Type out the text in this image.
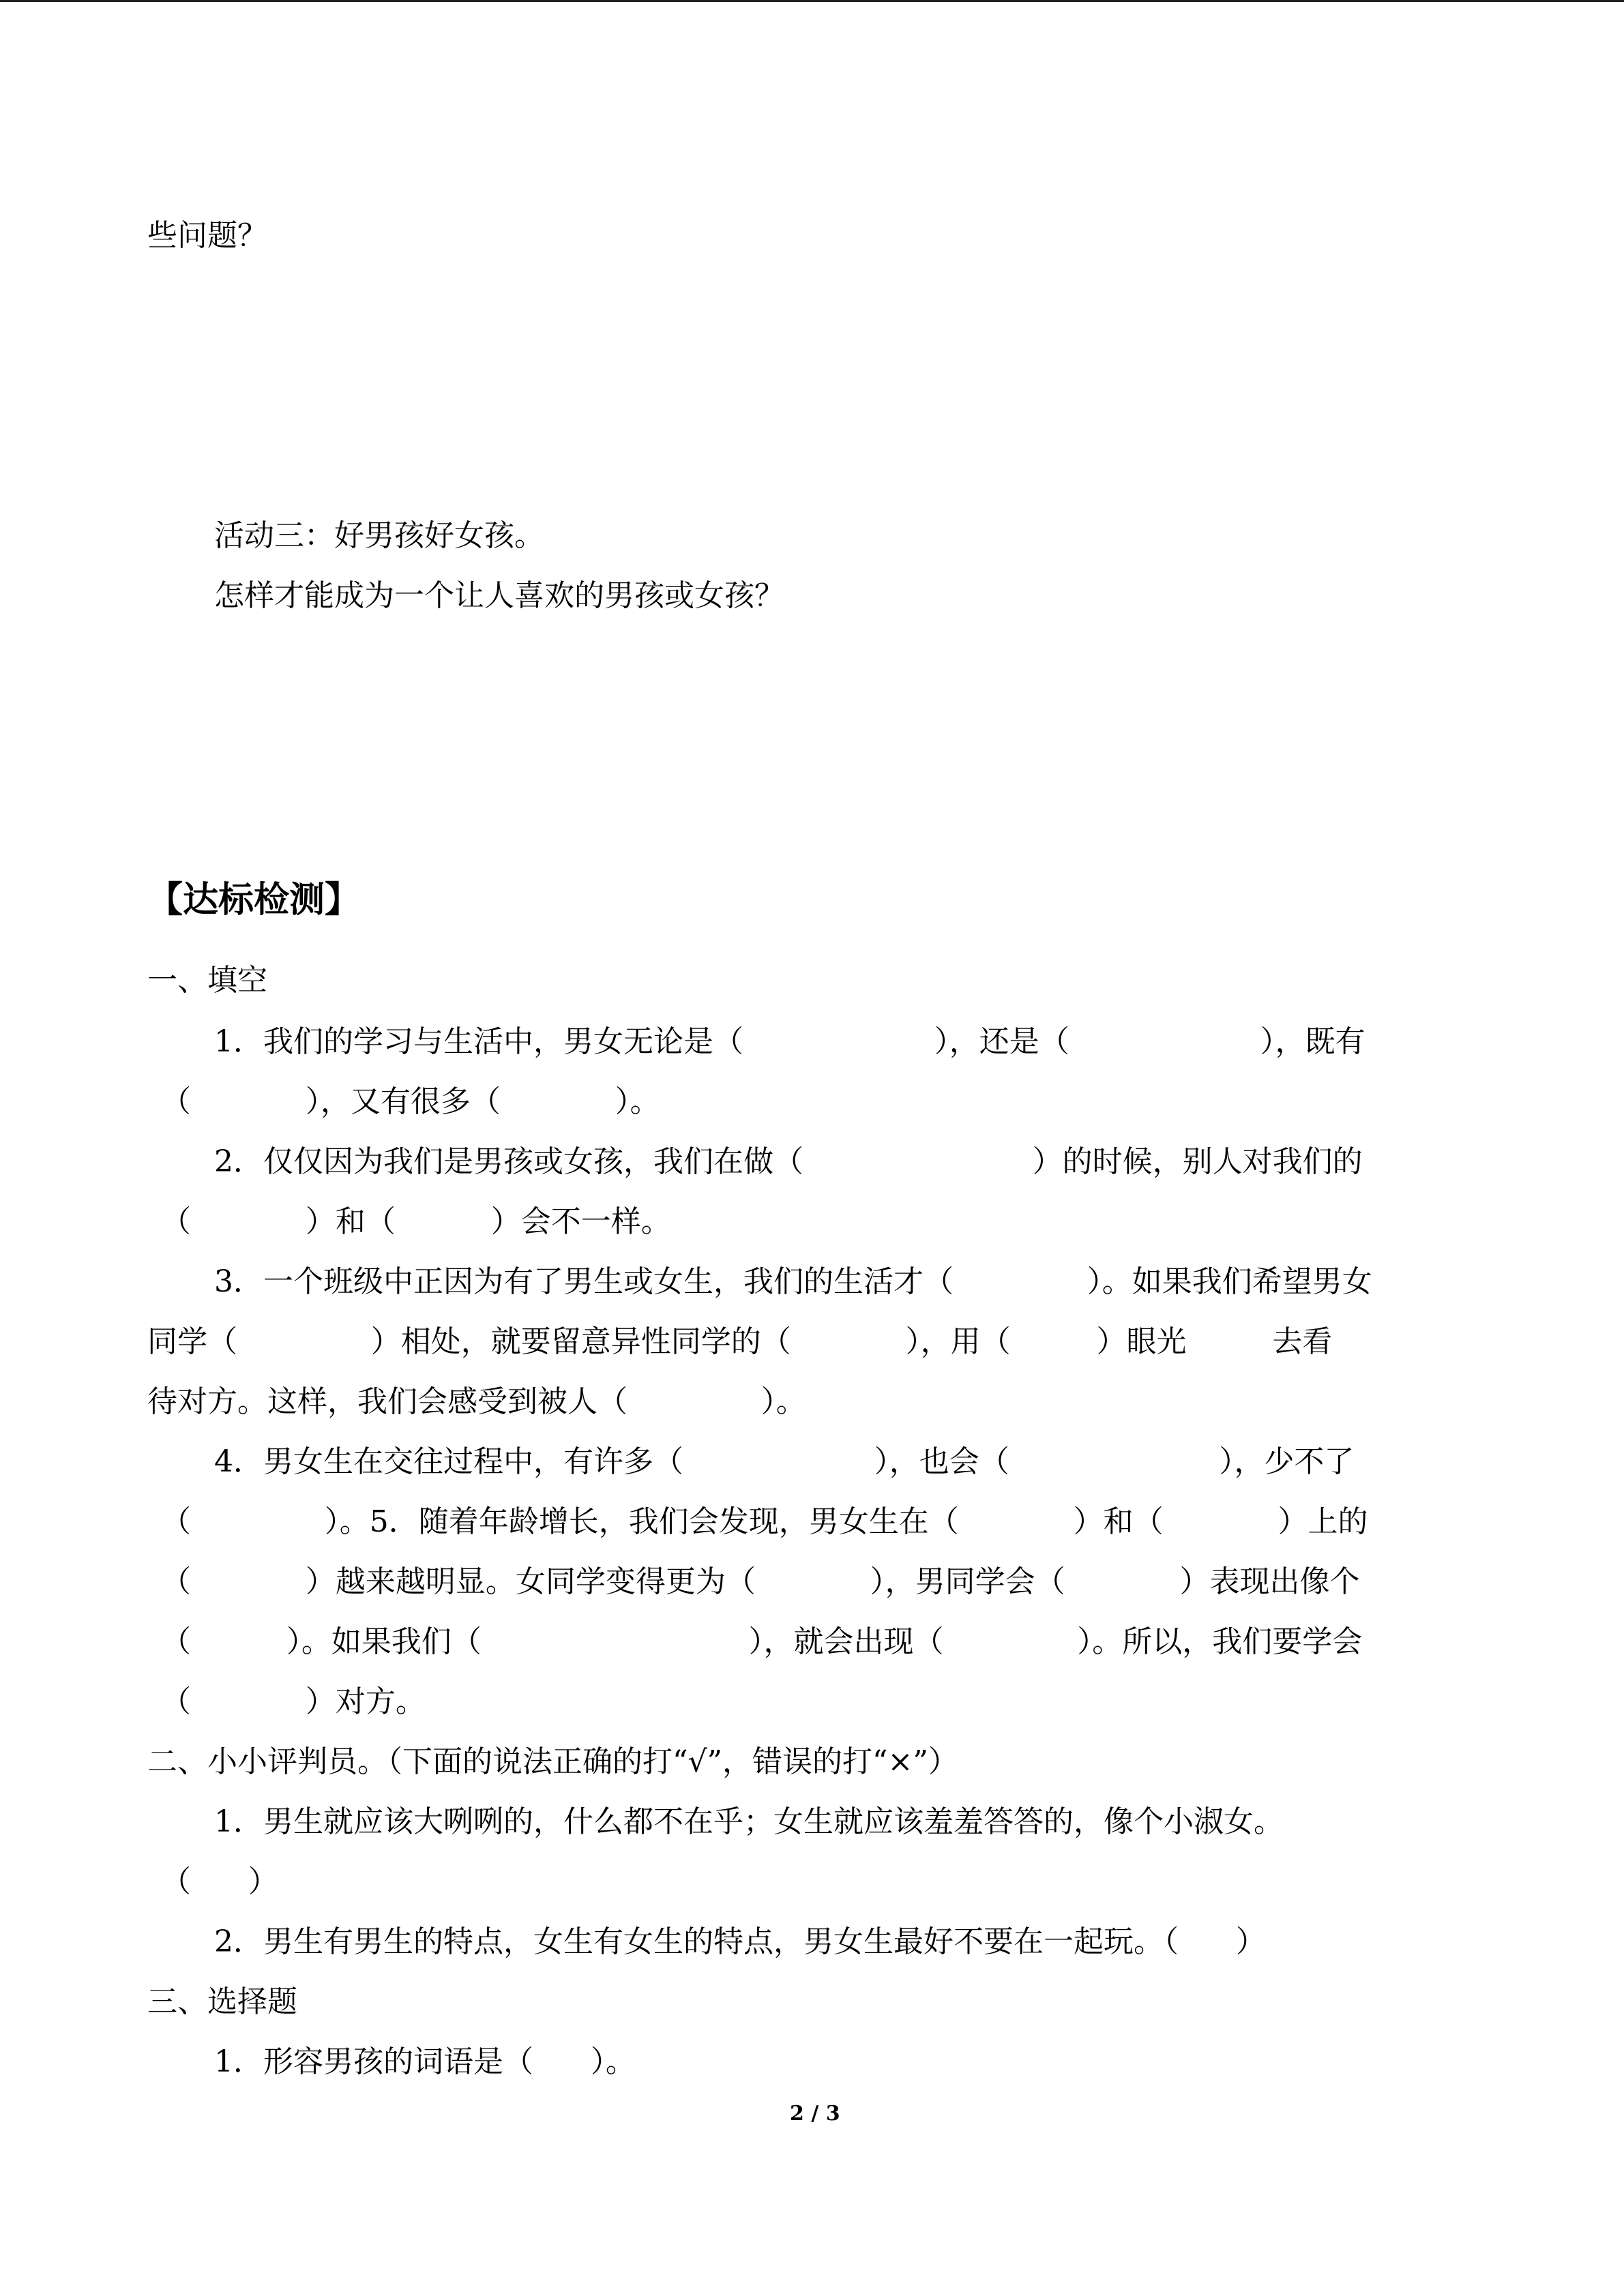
些问题？
活动三：好男孩好女孩。
怎样才能成为一个让人喜欢的男孩或女孩？
【达标检测】
一、填空
1．我们的学习与生活中，男女无论是（                    ），还是（                    ），既有
（            ），又有很多（            ）。
2．仅仅因为我们是男孩或女孩，我们在做（                        ）的时候，别人对我们的
（            ）和（          ）会不一样。
3．一个班级中正因为有了男生或女生，我们的生活才（              ）。如果我们希望男女
同学（              ）相处，就要留意异性同学的（            ），用（         ）眼光         去看
待对方。这样，我们会感受到被人（              ）。
4．男女生在交往过程中，有许多（                    ），也会（                      ），少不了
（              ）。5．随着年龄增长，我们会发现，男女生在（            ）和（            ）上的
（            ）越来越明显。女同学变得更为（            ），男同学会（            ）表现出像个
（          ）。如果我们（                            ），就会出现（              ）。所以，我们要学会
（            ）对方。
二、小小评判员。（下面的说法正确的打“√”，错误的打“×”）
1．男生就应该大咧咧的，什么都不在乎；女生就应该羞羞答答的，像个小淑女。
（      ）
2．男生有男生的特点，女生有女生的特点，男女生最好不要在一起玩。（      ）
三、选择题
1．形容男孩的词语是（      ）。
2 / 3
